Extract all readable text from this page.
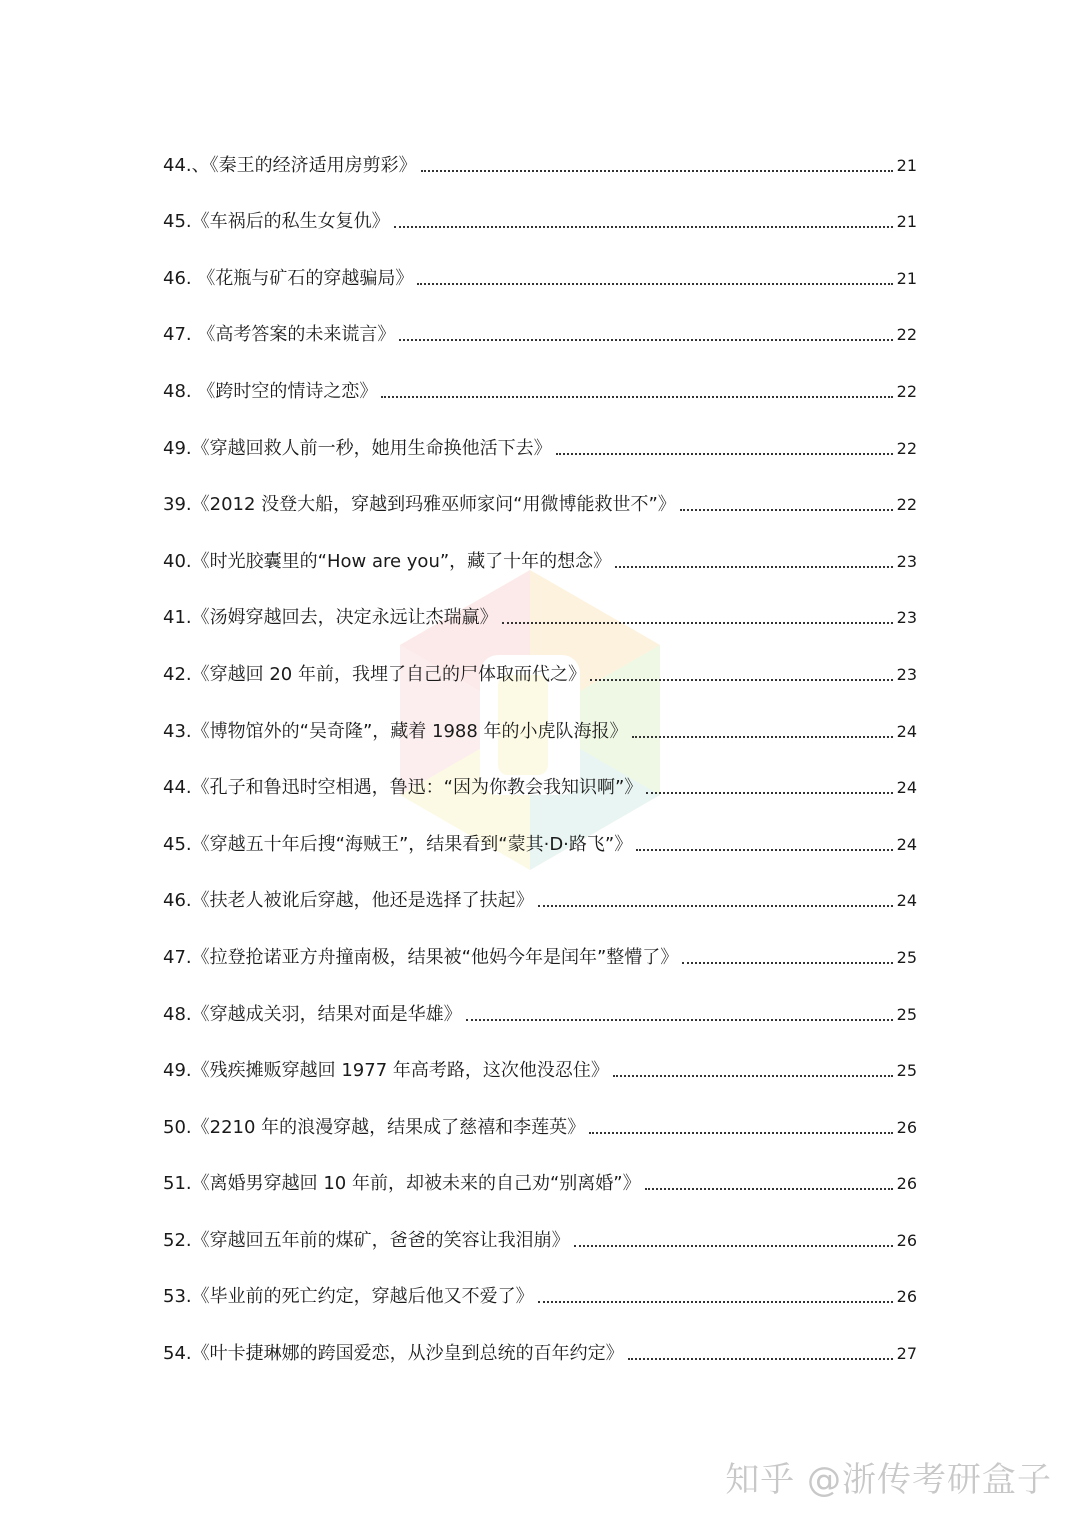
44.、《秦王的经济适用房剪彩》	21
45.《车祸后的私生女复仇》	21
46. 《花瓶与矿石的穿越骗局》	21
47. 《高考答案的未来谎言》	22
48. 《跨时空的情诗之恋》	22
49.《穿越回救人前一秒，她用生命换他活下去》	22
39.《2012 没登大船，穿越到玛雅巫师家问“用微博能救世不”》	22
40.《时光胶囊里的“How are you”，藏了十年的想念》	23
41.《汤姆穿越回去，决定永远让杰瑞赢》	23
42.《穿越回 20 年前，我埋了自己的尸体取而代之》	23
43.《博物馆外的“吴奇隆”，藏着 1988 年的小虎队海报》	24
44.《孔子和鲁迅时空相遇，鲁迅：“因为你教会我知识啊”》	24
45.《穿越五十年后搜“海贼王”，结果看到“蒙其·D·路飞”》	24
46.《扶老人被讹后穿越，他还是选择了扶起》	24
47.《拉登抢诺亚方舟撞南极，结果被“他妈今年是闰年”整懵了》	25
48.《穿越成关羽，结果对面是华雄》	25
49.《残疾摊贩穿越回 1977 年高考路，这次他没忍住》	25
50.《2210 年的浪漫穿越，结果成了慈禧和李莲英》	26
51.《离婚男穿越回 10 年前，却被未来的自己劝“别离婚”》	26
52.《穿越回五年前的煤矿，爸爸的笑容让我泪崩》	26
53.《毕业前的死亡约定，穿越后他又不爱了》	26
54.《叶卡捷琳娜的跨国爱恋，从沙皇到总统的百年约定》	27
知乎 @浙传考研盒子
